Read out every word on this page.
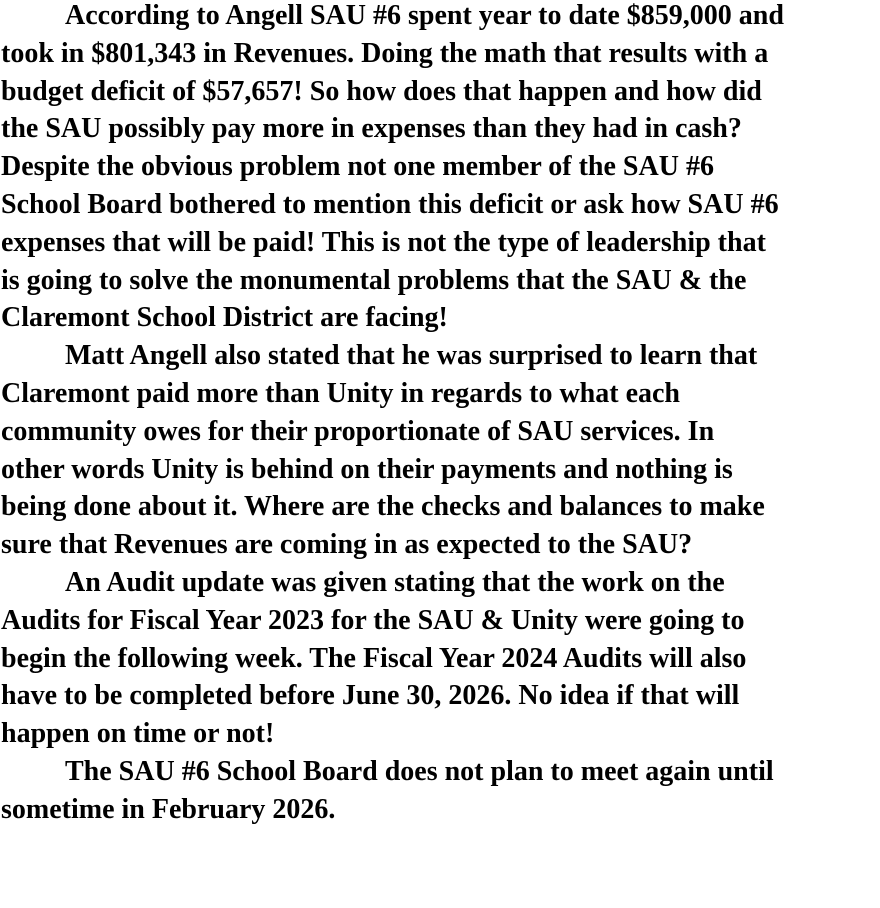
According to Angell SAU #6 spent year to date $859,000 and
took in $801,343 in Revenues. Doing the math that results with a
budget deficit of $57,657! So how does that happen and how did
the SAU possibly pay more in expenses than they had in cash?
Despite the obvious problem not one member of the SAU #6
School Board bothered to mention this deficit or ask how SAU #6
expenses that will be paid! This is not the type of leadership that
is going to solve the monumental problems that the SAU & the
Claremont School District are facing!
Matt Angell also stated that he was surprised to learn that
Claremont paid more than Unity in regards to what each
community owes for their proportionate of SAU services. In
other words Unity is behind on their payments and nothing is
being done about it. Where are the checks and balances to make
sure that Revenues are coming in as expected to the SAU?
An Audit update was given stating that the work on the
Audits for Fiscal Year 2023 for the SAU & Unity were going to
begin the following week. The Fiscal Year 2024 Audits will also
have to be completed before June 30, 2026. No idea if that will
happen on time or not!
The SAU #6 School Board does not plan to meet again until
sometime in February 2026.
